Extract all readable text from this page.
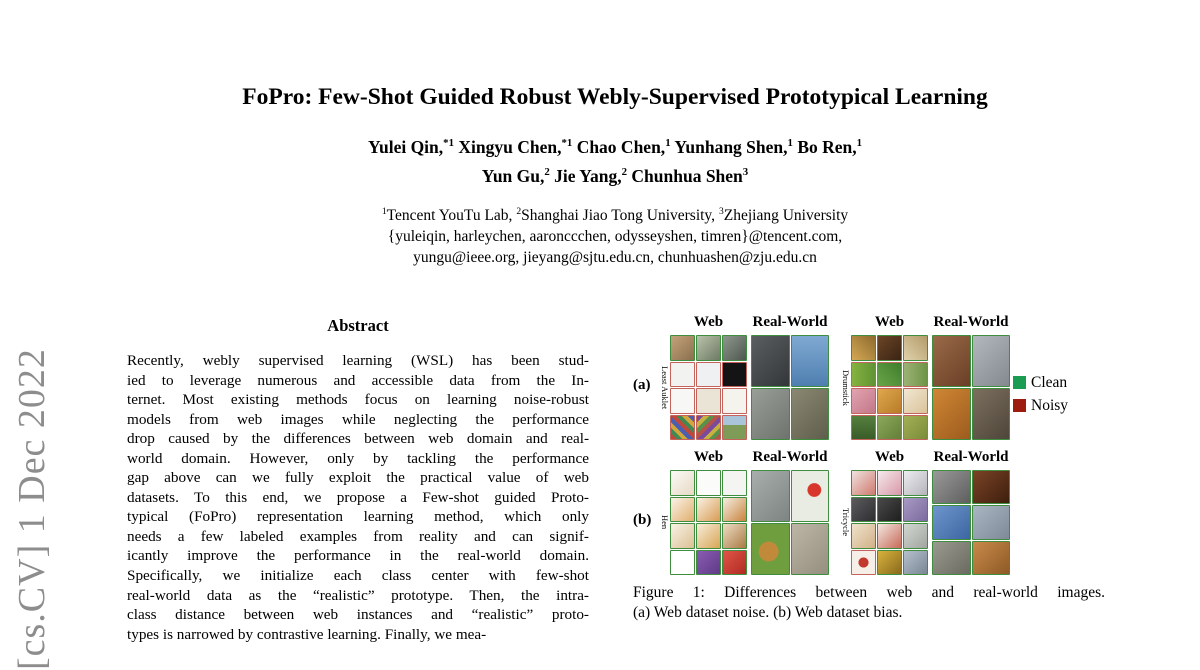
[cs.CV] 1 Dec 2022
FoPro: Few-Shot Guided Robust Webly-Supervised Prototypical Learning
Yulei Qin,$^{*1}$ Xingyu Chen,$^{*1}$ Chao Chen,$^1$ Yunhang Shen,$^1$ Bo Ren,$^1$
Yun Gu,$^2$ Jie Yang,$^2$ Chunhua Shen$^3$
$^1$Tencent YouTu Lab, $^2$Shanghai Jiao Tong University, $^3$Zhejiang University
{yuleiqin, harleychen, aaronccchen, odysseyshen, timren}@tencent.com,
yungu@ieee.org, jieyang@sjtu.edu.cn, chunhuashen@zju.edu.cn
Abstract
Recently, webly supervised learning (WSL) has been stud-
ied to leverage numerous and accessible data from the In-
ternet. Most existing methods focus on learning noise-robust
models from web images while neglecting the performance
drop caused by the differences between web domain and real-
world domain. However, only by tackling the performance
gap above can we fully exploit the practical value of web
datasets. To this end, we propose a Few-shot guided Proto-
typical (FoPro) representation learning method, which only
needs a few labeled examples from reality and can signif-
icantly improve the performance in the real-world domain.
Specifically, we initialize each class center with few-shot
real-world data as the “realistic” prototype. Then, the intra-
class distance between web instances and “realistic” proto-
types is narrowed by contrastive learning. Finally, we mea-
(a)	Least Auklet
Web	Real-World
Drumstick
Web	Real-World
(b)	Hen
Web	Real-World
Tricycle
Web	Real-World
Clean
Noisy
Figure 1: Differences between web and real-world images.
(a) Web dataset noise. (b) Web dataset bias.
